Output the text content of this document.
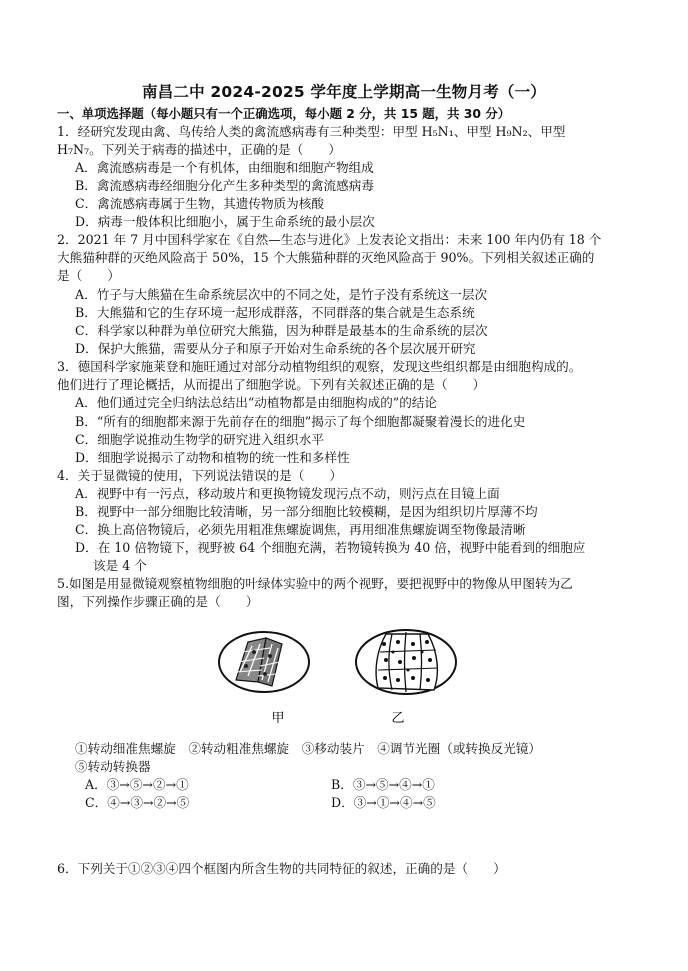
南昌二中 2024-2025 学年度上学期高一生物月考（一）
一、单项选择题（每小题只有一个正确选项，每小题 2 分，共 15 题，共 30 分）
1．经研究发现由禽、鸟传给人类的禽流感病毒有三种类型：甲型 H₅N₁、甲型 H₉N₂、甲型
H₇N₇。下列关于病毒的描述中，正确的是（　　）
A．禽流感病毒是一个有机体，由细胞和细胞产物组成
B．禽流感病毒经细胞分化产生多种类型的禽流感病毒
C．禽流感病毒属于生物，其遗传物质为核酸
D．病毒一般体积比细胞小，属于生命系统的最小层次
2．2021 年 7 月中国科学家在《自然—生态与进化》上发表论文指出：未来 100 年内仍有 18 个
大熊猫种群的灭绝风险高于 50%，15 个大熊猫种群的灭绝风险高于 90%。下列相关叙述正确的
是（　　）
A．竹子与大熊猫在生命系统层次中的不同之处，是竹子没有系统这一层次
B．大熊猫和它的生存环境一起形成群落，不同群落的集合就是生态系统
C．科学家以种群为单位研究大熊猫，因为种群是最基本的生命系统的层次
D．保护大熊猫，需要从分子和原子开始对生命系统的各个层次展开研究
3．德国科学家施莱登和施旺通过对部分动植物组织的观察，发现这些组织都是由细胞构成的。
他们进行了理论概括，从而提出了细胞学说。下列有关叙述正确的是（　　）
A．他们通过完全归纳法总结出“动植物都是由细胞构成的”的结论
B．“所有的细胞都来源于先前存在的细胞”揭示了每个细胞都凝聚着漫长的进化史
C．细胞学说推动生物学的研究进入组织水平
D．细胞学说揭示了动物和植物的统一性和多样性
4．关于显微镜的使用，下列说法错误的是（　　）
A．视野中有一污点，移动玻片和更换物镜发现污点不动，则污点在目镜上面
B．视野中一部分细胞比较清晰，另一部分细胞比较模糊，是因为组织切片厚薄不均
C．换上高倍物镜后，必须先用粗准焦螺旋调焦，再用细准焦螺旋调至物像最清晰
D．在 10 倍物镜下，视野被 64 个细胞充满，若物镜转换为 40 倍，视野中能看到的细胞应
该是 4 个
5.如图是用显微镜观察植物细胞的叶绿体实验中的两个视野，要把视野中的物像从甲图转为乙
图，下列操作步骤正确的是（　　）
甲	乙
①转动细准焦螺旋　②转动粗准焦螺旋　③移动装片　④调节光圈（或转换反光镜）
⑤转动转换器
A．③→⑤→②→①	B．③→⑤→④→①
C．④→③→②→⑤	D．③→①→④→⑤
6．下列关于①②③④四个框图内所含生物的共同特征的叙述，正确的是（　　）
